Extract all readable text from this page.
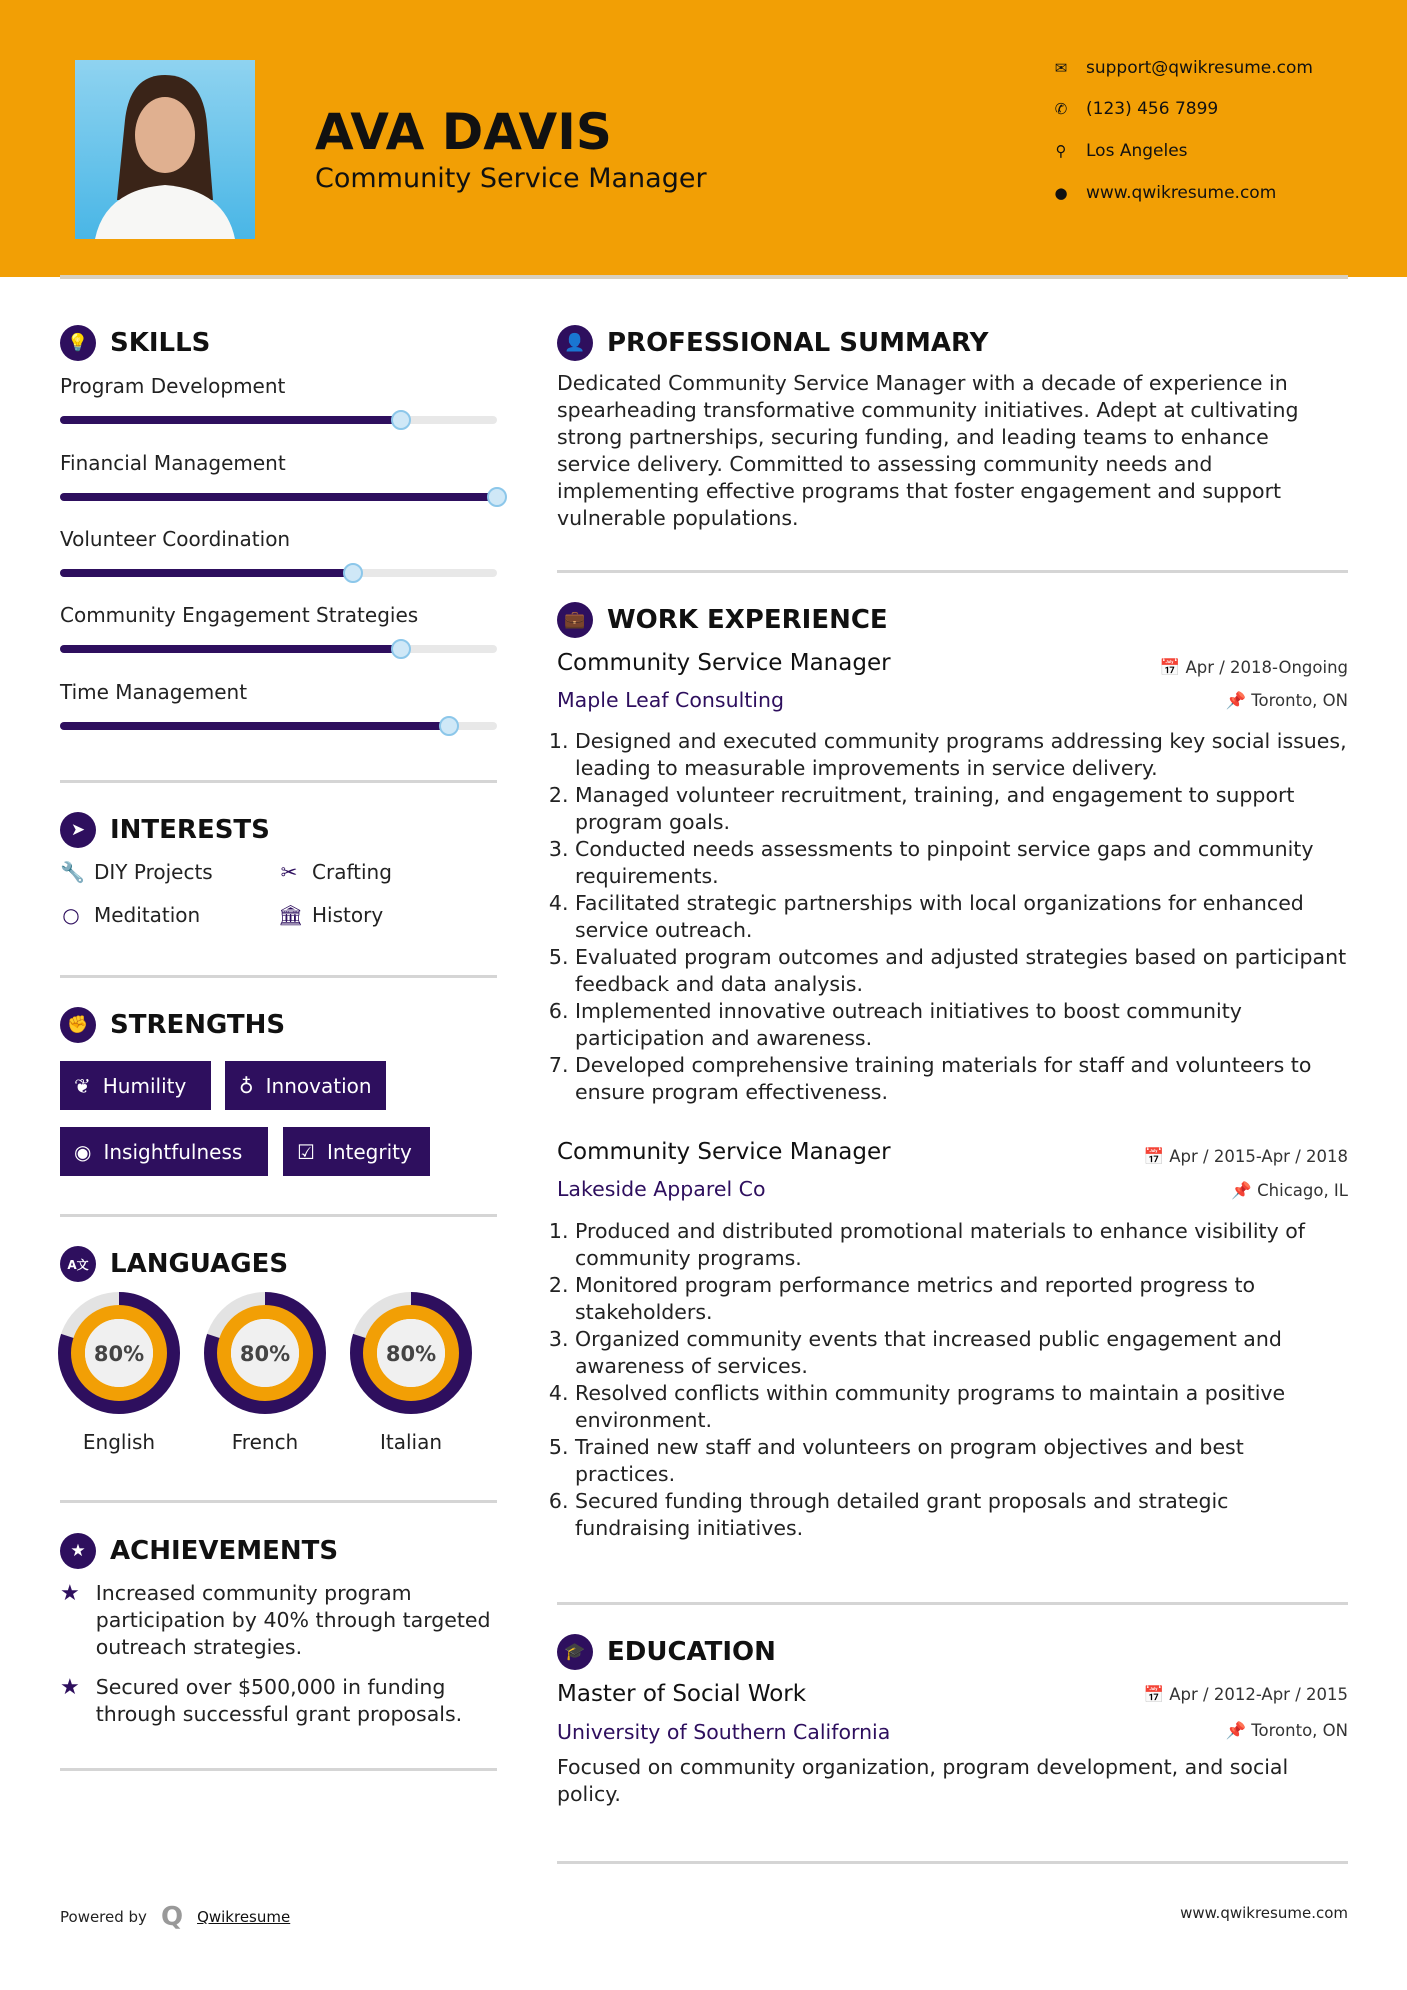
AVA DAVIS
Community Service Manager
✉ support@qwikresume.com
✆ (123) 456 7899
⚲	Los Angeles
● www.qwikresume.com
💡 SKILLS
Program Development
Financial Management
Volunteer Coordination
Community Engagement Strategies
Time Management
➤ INTERESTS
🔧 DIY Projects	✂ Crafting
○ Meditation	🏛 History
✊ STRENGTHS
❦ Humility	♁ Innovation
◉ Insightfulness	☑ Integrity
A文 LANGUAGES
80%
English
80%
French
80%
Italian
★ ACHIEVEMENTS
★ Increased community program participation by 40% through targeted outreach strategies.
★ Secured over $500,000 in funding through successful grant proposals.
👤 PROFESSIONAL SUMMARY
Dedicated Community Service Manager with a decade of experience in spearheading transformative community initiatives. Adept at cultivating strong partnerships, securing funding, and leading teams to enhance service delivery. Committed to assessing community needs and implementing effective programs that foster engagement and support vulnerable populations.
💼 WORK EXPERIENCE
Community Service Manager	📅 Apr / 2018-Ongoing
Maple Leaf Consulting	📌 Toronto, ON
1. Designed and executed community programs addressing key social issues, leading to measurable improvements in service delivery.
2. Managed volunteer recruitment, training, and engagement to support program goals.
3. Conducted needs assessments to pinpoint service gaps and community requirements.
4. Facilitated strategic partnerships with local organizations for enhanced service outreach.
5. Evaluated program outcomes and adjusted strategies based on participant feedback and data analysis.
6. Implemented innovative outreach initiatives to boost community participation and awareness.
7. Developed comprehensive training materials for staff and volunteers to ensure program effectiveness.
Community Service Manager	📅 Apr / 2015-Apr / 2018
Lakeside Apparel Co	📌 Chicago, IL
1. Produced and distributed promotional materials to enhance visibility of community programs.
2. Monitored program performance metrics and reported progress to stakeholders.
3. Organized community events that increased public engagement and awareness of services.
4. Resolved conflicts within community programs to maintain a positive environment.
5. Trained new staff and volunteers on program objectives and best practices.
6. Secured funding through detailed grant proposals and strategic fundraising initiatives.
🎓 EDUCATION
Master of Social Work	📅 Apr / 2012-Apr / 2015
University of Southern California	📌 Toronto, ON
Focused on community organization, program development, and social policy.
Powered by Q Qwikresume	www.qwikresume.com
